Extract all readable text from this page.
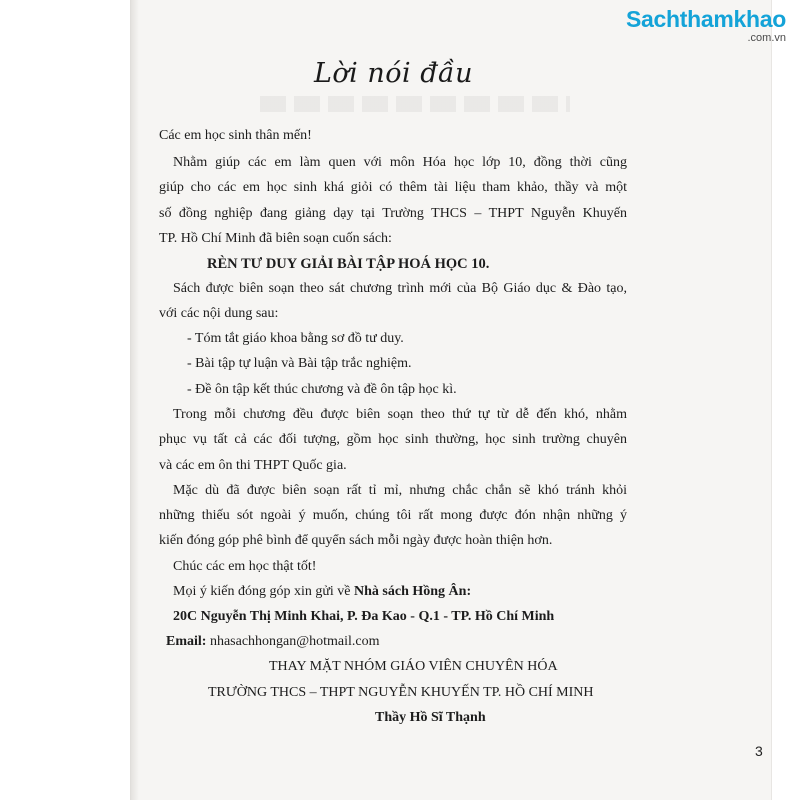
Sachthamkhao
.com.vn
Lời nói đầu
Các em học sinh thân mến!
Nhằm giúp các em làm quen với môn Hóa học lớp 10, đồng thời cũng
giúp cho các em học sinh khá giỏi có thêm tài liệu tham khảo, thầy và một
số đồng nghiệp đang giảng dạy tại Trường THCS – THPT Nguyễn Khuyến
TP. Hồ Chí Minh đã biên soạn cuốn sách:
RÈN TƯ DUY GIẢI BÀI TẬP HOÁ HỌC 10.
Sách được biên soạn theo sát chương trình mới của Bộ Giáo dục & Đào tạo,
với các nội dung sau:
- Tóm tắt giáo khoa bằng sơ đồ tư duy.
- Bài tập tự luận và Bài tập trắc nghiệm.
- Đề ôn tập kết thúc chương và đề ôn tập học kì.
Trong mỗi chương đều được biên soạn theo thứ tự từ dễ đến khó, nhằm
phục vụ tất cả các đối tượng, gồm học sinh thường, học sinh trường chuyên
và các em ôn thi THPT Quốc gia.
Mặc dù đã được biên soạn rất tỉ mỉ, nhưng chắc chắn sẽ khó tránh khỏi
những thiếu sót ngoài ý muốn, chúng tôi rất mong được đón nhận những ý
kiến đóng góp phê bình để quyển sách mỗi ngày được hoàn thiện hơn.
Chúc các em học thật tốt!
Mọi ý kiến đóng góp xin gửi về Nhà sách Hồng Ân:
20C Nguyễn Thị Minh Khai, P. Đa Kao - Q.1 - TP. Hồ Chí Minh
Email: nhasachhongan@hotmail.com
THAY MẶT NHÓM GIÁO VIÊN CHUYÊN HÓA
TRƯỜNG THCS – THPT NGUYỄN KHUYẾN TP. HỒ CHÍ MINH
Thầy Hồ Sĩ Thạnh
3
